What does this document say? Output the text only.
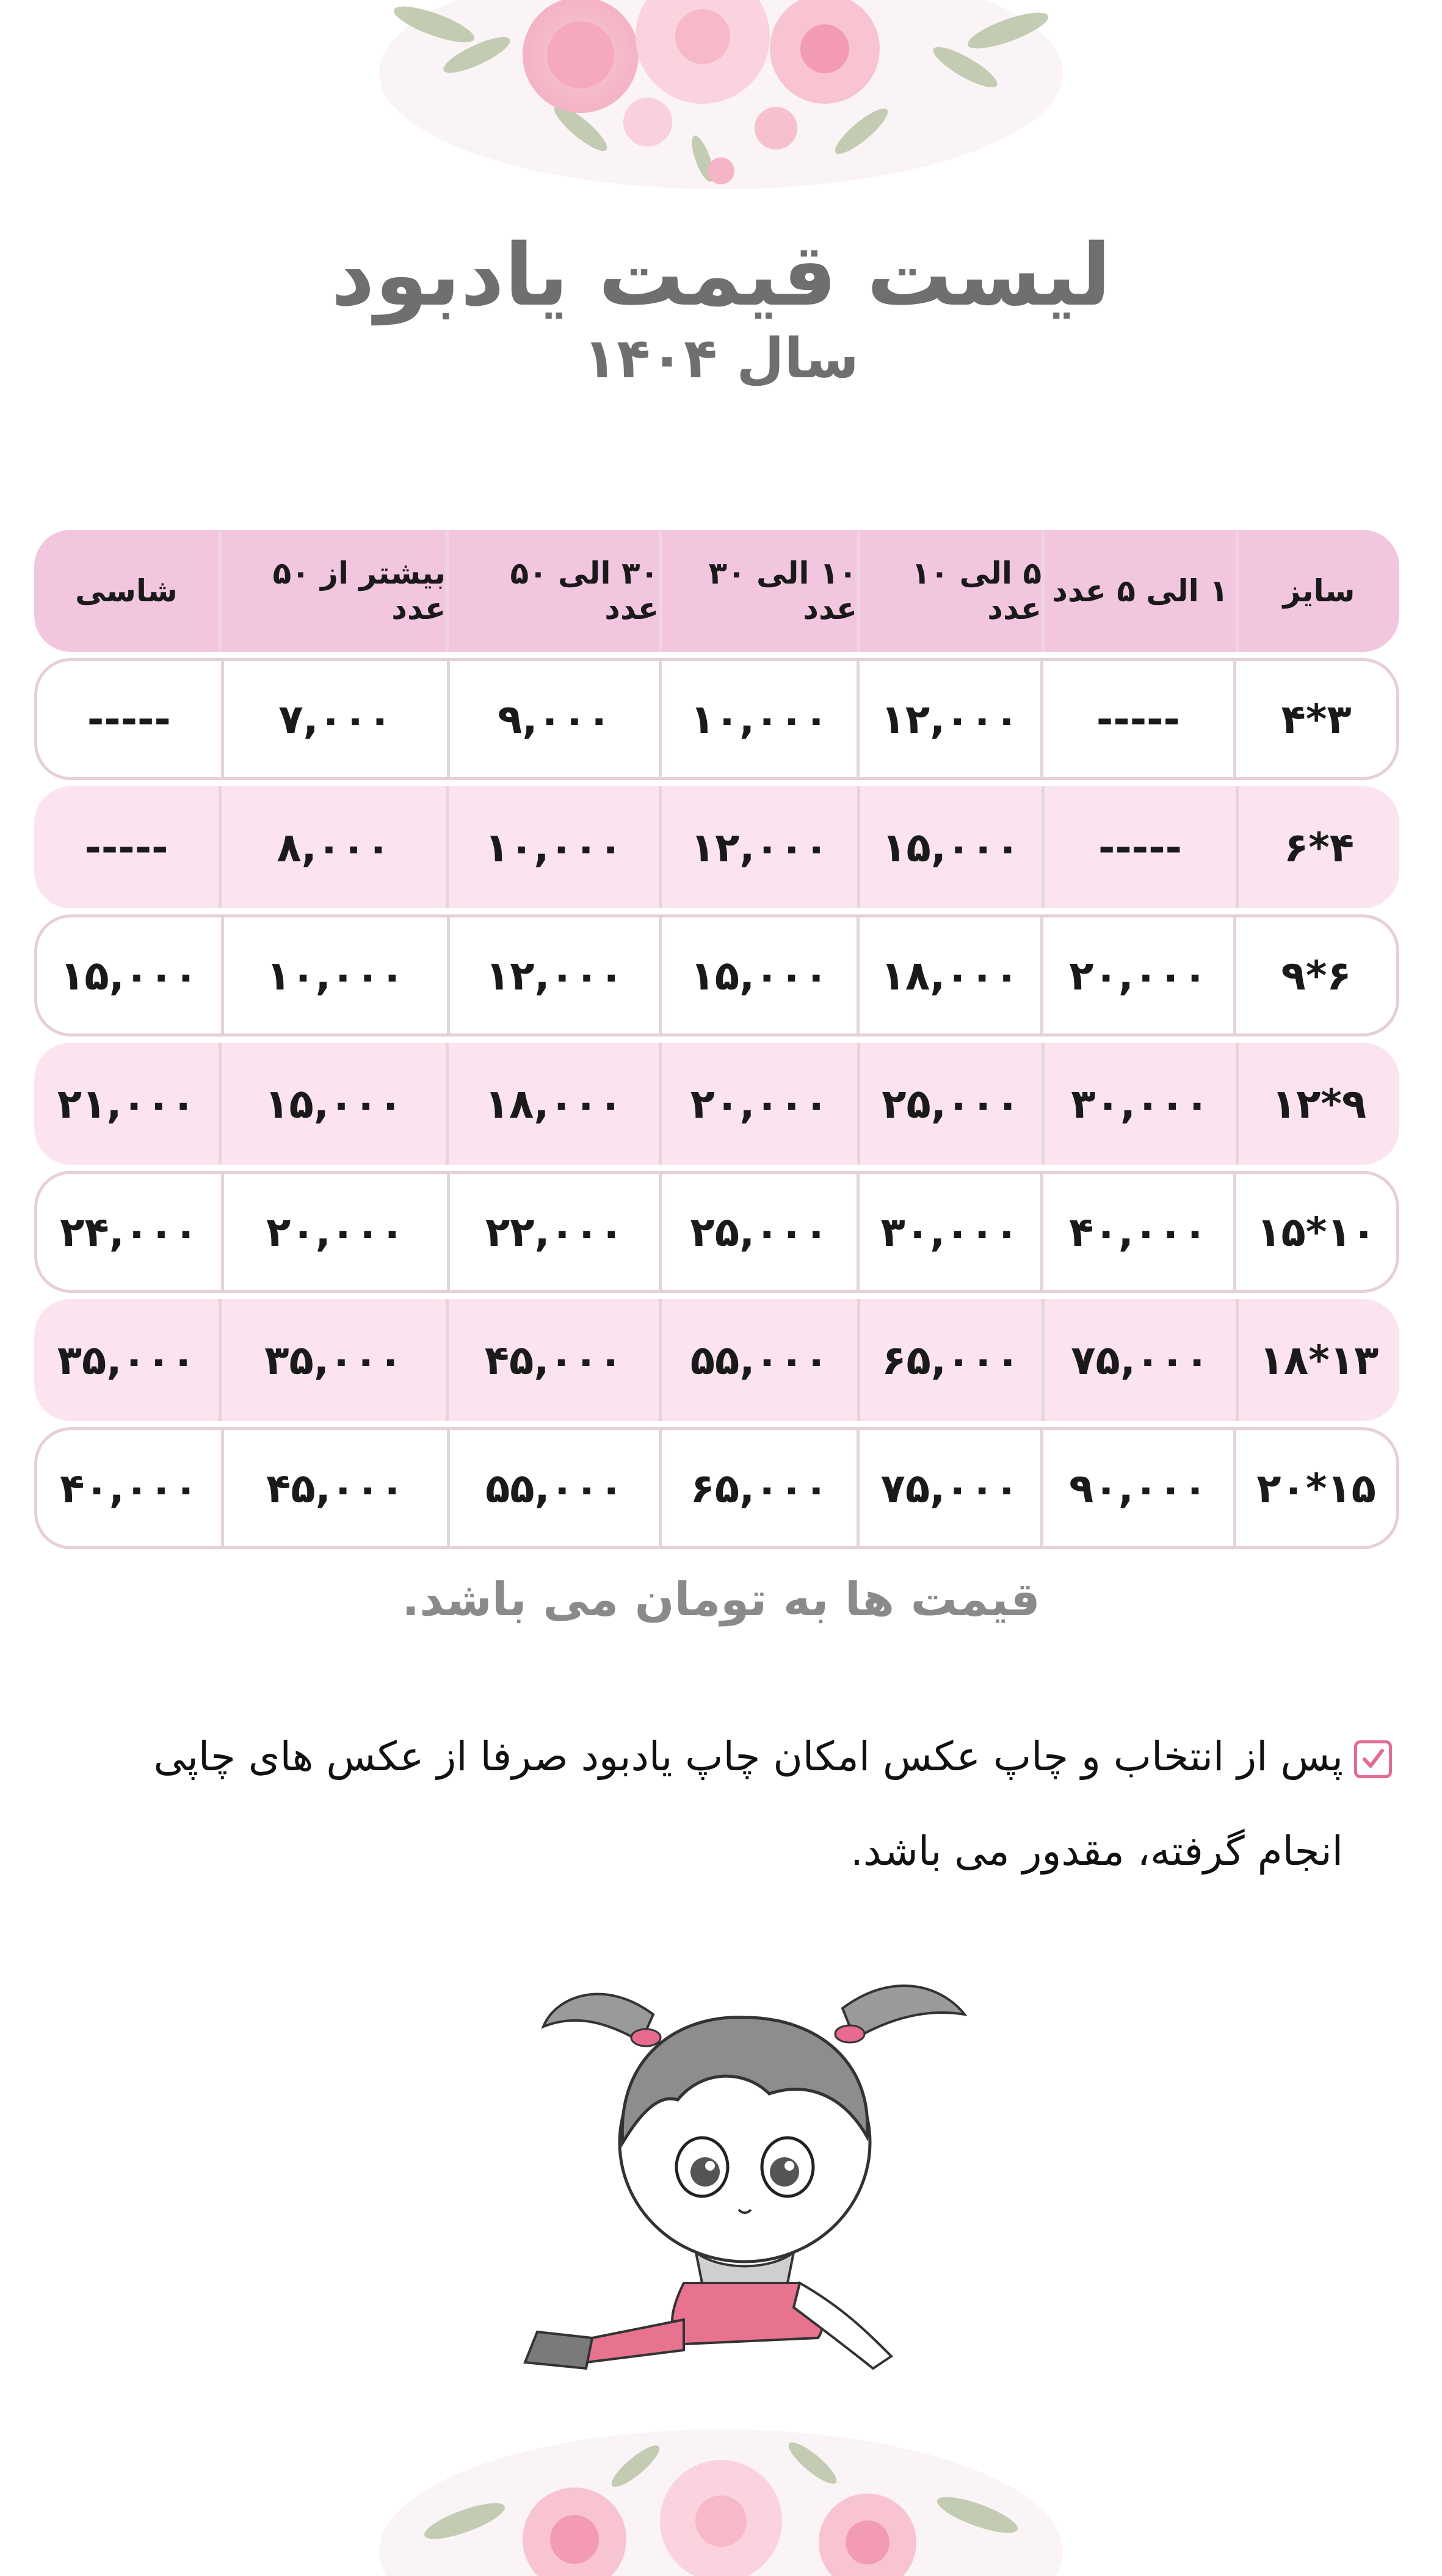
لیست قیمت یادبود
سال ۱۴۰۴
سایز
۱ الی ۵ عدد
۵ الی ۱۰ عدد
۱۰ الی ۳۰ عدد
۳۰ الی ۵۰ عدد
بیشتر از ۵۰ عدد
شاسی
۳*۴
-----
۱۲,۰۰۰
۱۰,۰۰۰
۹,۰۰۰
۷,۰۰۰
-----
۴*۶
-----
۱۵,۰۰۰
۱۲,۰۰۰
۱۰,۰۰۰
۸,۰۰۰
-----
۶*۹
۲۰,۰۰۰
۱۸,۰۰۰
۱۵,۰۰۰
۱۲,۰۰۰
۱۰,۰۰۰
۱۵,۰۰۰
۹*۱۲
۳۰,۰۰۰
۲۵,۰۰۰
۲۰,۰۰۰
۱۸,۰۰۰
۱۵,۰۰۰
۲۱,۰۰۰
۱۰*۱۵
۴۰,۰۰۰
۳۰,۰۰۰
۲۵,۰۰۰
۲۲,۰۰۰
۲۰,۰۰۰
۲۴,۰۰۰
۱۳*۱۸
۷۵,۰۰۰
۶۵,۰۰۰
۵۵,۰۰۰
۴۵,۰۰۰
۳۵,۰۰۰
۳۵,۰۰۰
۱۵*۲۰
۹۰,۰۰۰
۷۵,۰۰۰
۶۵,۰۰۰
۵۵,۰۰۰
۴۵,۰۰۰
۴۰,۰۰۰
قیمت ها به تومان می باشد.
پس از انتخاب و چاپ عکس امکان چاپ یادبود صرفا از عکس های چاپی
انجام گرفته، مقدور می باشد.
